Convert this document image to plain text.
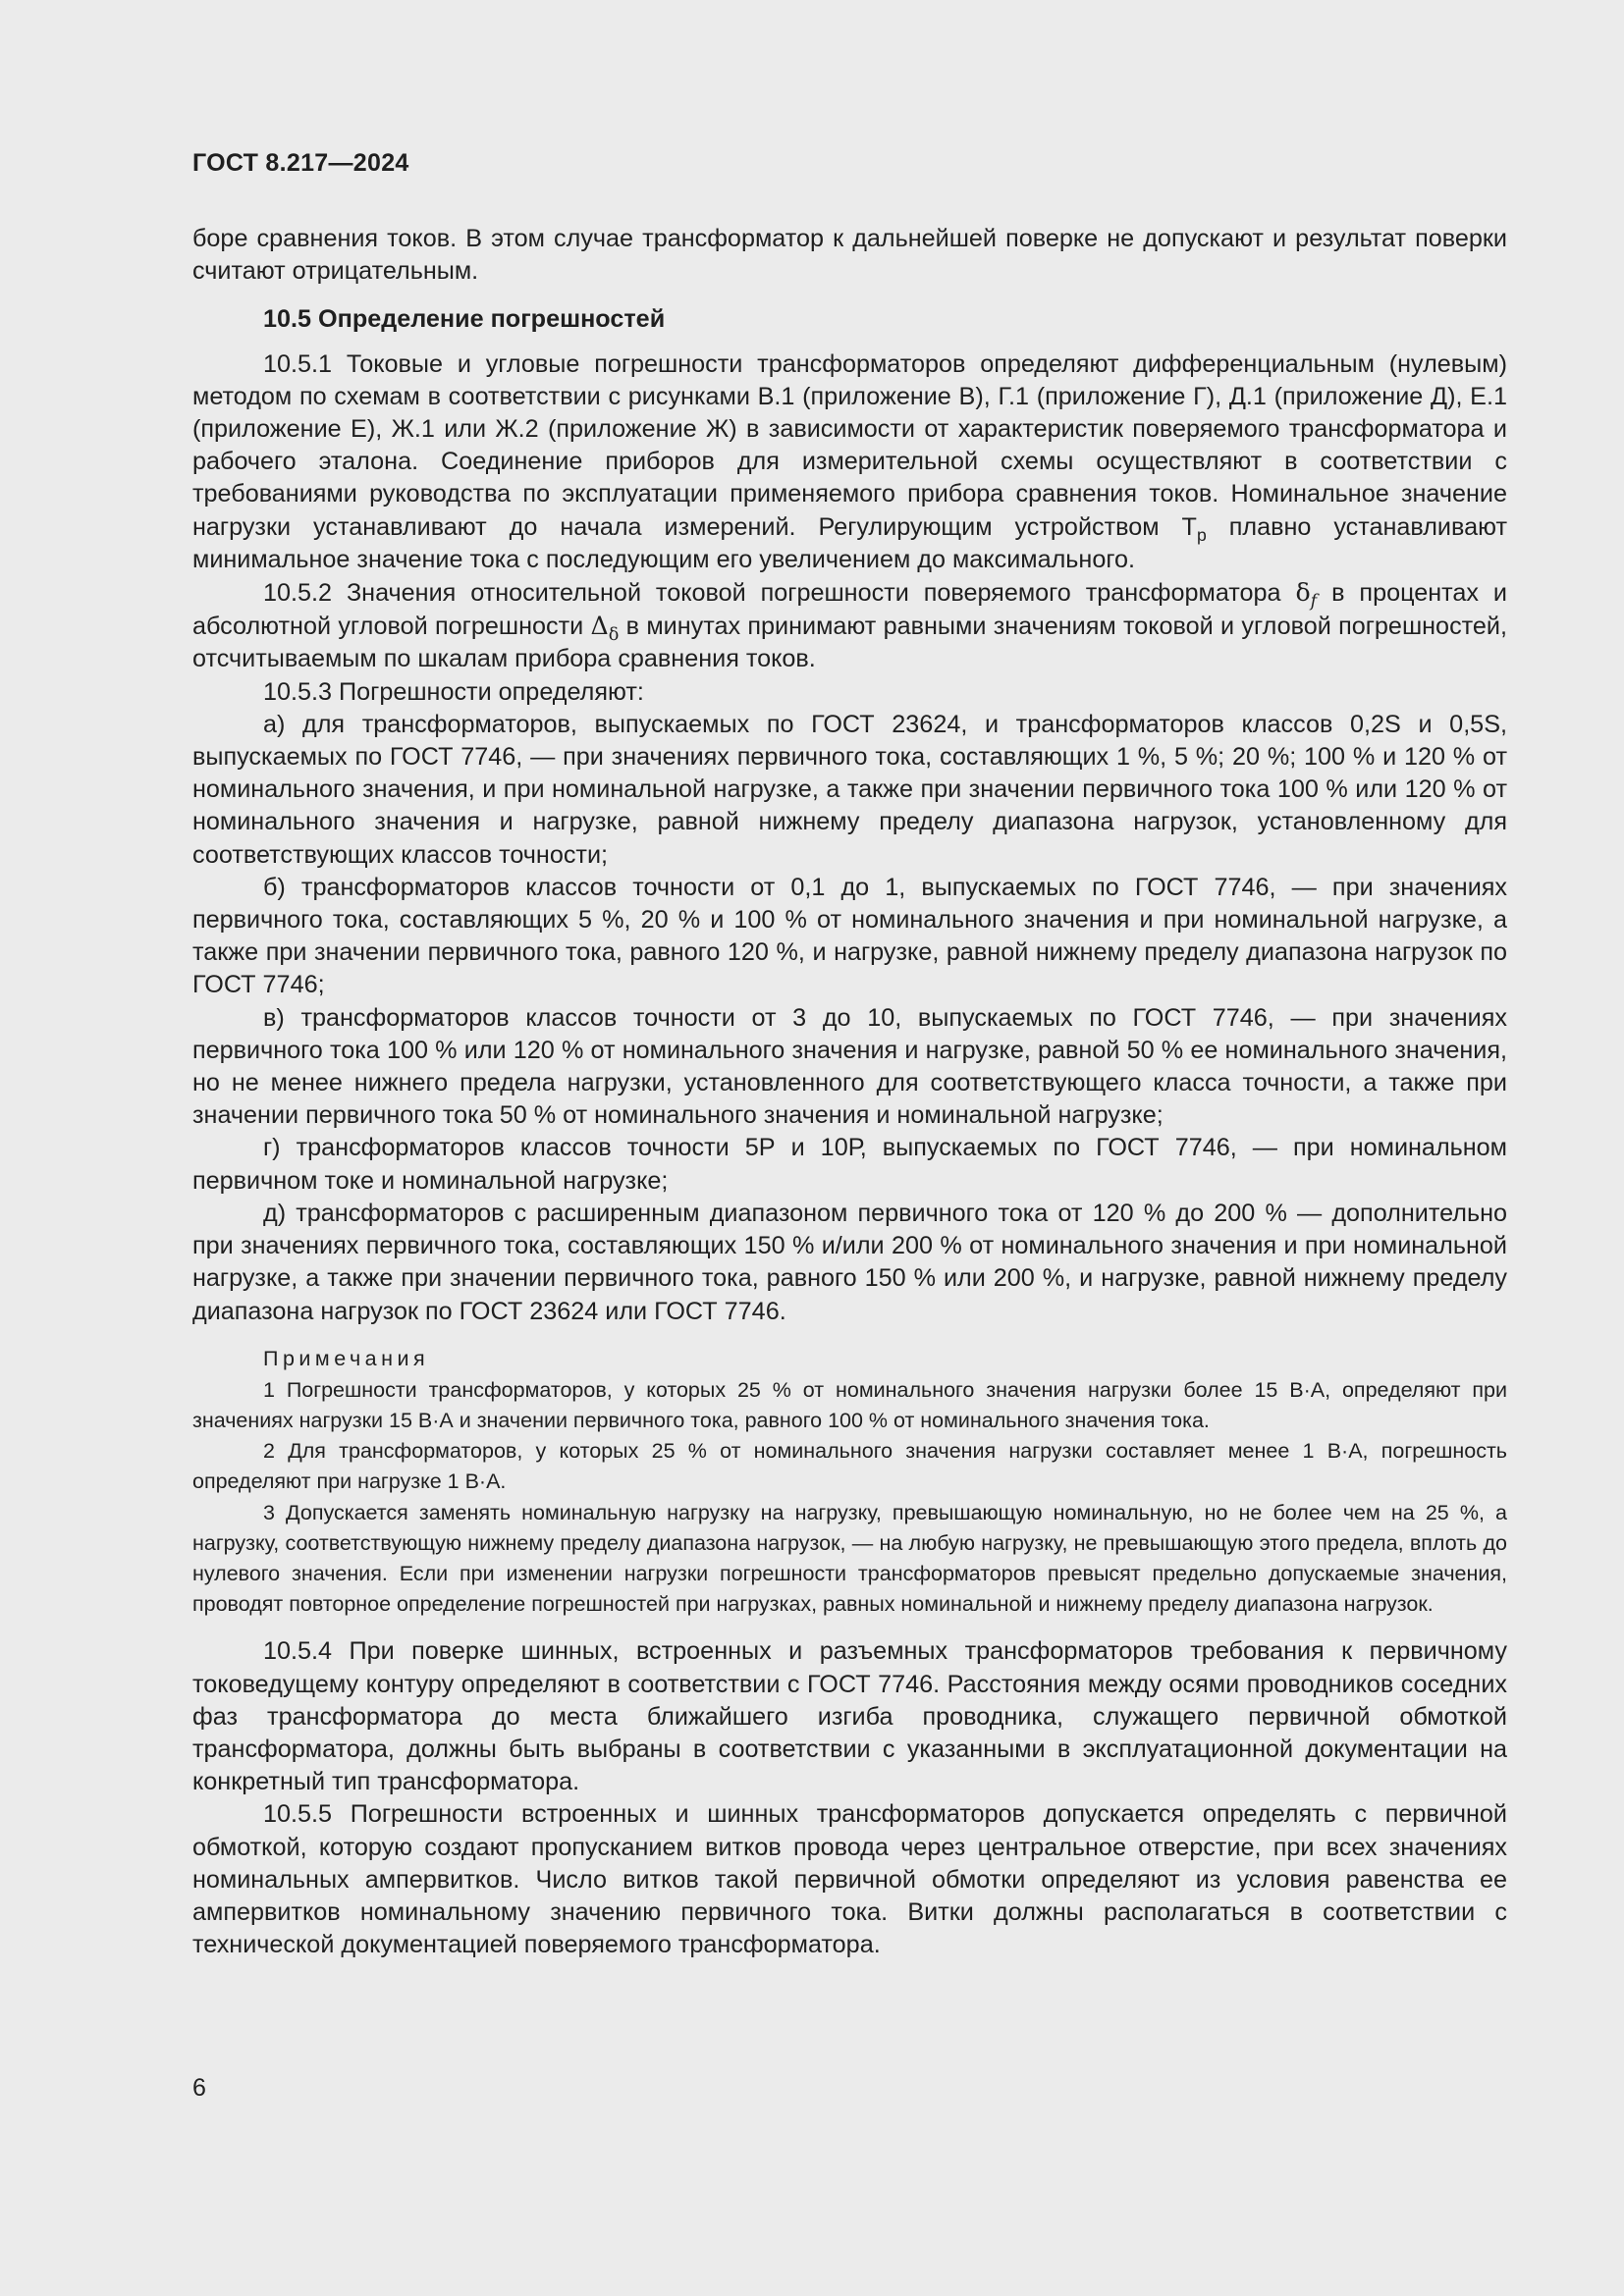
ГОСТ 8.217—2024

боре сравнения токов. В этом случае трансформатор к дальнейшей поверке не допускают и результат поверки считают отрицательным.

10.5 Определение погрешностей

10.5.1 Токовые и угловые погрешности трансформаторов определяют дифференциальным (нулевым) методом по схемам в соответствии с рисунками В.1 (приложение В), Г.1 (приложение Г), Д.1 (приложение Д), Е.1 (приложение Е), Ж.1 или Ж.2 (приложение Ж) в зависимости от характеристик поверяемого трансформатора и рабочего эталона. Соединение приборов для измерительной схемы осуществляют в соответствии с требованиями руководства по эксплуатации применяемого прибора сравнения токов. Номинальное значение нагрузки устанавливают до начала измерений. Регулирующим устройством $Т_р$ плавно устанавливают минимальное значение тока с последующим его увеличением до максимального.

10.5.2 Значения относительной токовой погрешности поверяемого трансформатора $\delta_f$ в процентах и абсолютной угловой погрешности $\Delta_\delta$ в минутах принимают равными значениям токовой и угловой погрешностей, отсчитываемым по шкалам прибора сравнения токов.

10.5.3 Погрешности определяют:

а) для трансформаторов, выпускаемых по ГОСТ 23624, и трансформаторов классов 0,2S и 0,5S, выпускаемых по ГОСТ 7746, — при значениях первичного тока, составляющих 1 %, 5 %; 20 %; 100 % и 120 % от номинального значения, и при номинальной нагрузке, а также при значении первичного тока 100 % или 120 % от номинального значения и нагрузке, равной нижнему пределу диапазона нагрузок, установленному для соответствующих классов точности;

б) трансформаторов классов точности от 0,1 до 1, выпускаемых по ГОСТ 7746, — при значениях первичного тока, составляющих 5 %, 20 % и 100 % от номинального значения и при номинальной нагрузке, а также при значении первичного тока, равного 120 %, и нагрузке, равной нижнему пределу диапазона нагрузок по ГОСТ 7746;

в) трансформаторов классов точности от 3 до 10, выпускаемых по ГОСТ 7746, — при значениях первичного тока 100 % или 120 % от номинального значения и нагрузке, равной 50 % ее номинального значения, но не менее нижнего предела нагрузки, установленного для соответствующего класса точности, а также при значении первичного тока 50 % от номинального значения и номинальной нагрузке;

г) трансформаторов классов точности 5Р и 10Р, выпускаемых по ГОСТ 7746, — при номинальном первичном токе и номинальной нагрузке;

д) трансформаторов с расширенным диапазоном первичного тока от 120 % до 200 % — дополнительно при значениях первичного тока, составляющих 150 % и/или 200 % от номинального значения и при номинальной нагрузке, а также при значении первичного тока, равного 150 % или 200 %, и нагрузке, равной нижнему пределу диапазона нагрузок по ГОСТ 23624 или ГОСТ 7746.

Примечания

1 Погрешности трансформаторов, у которых 25 % от номинального значения нагрузки более 15 В·А, определяют при значениях нагрузки 15 В·А и значении первичного тока, равного 100 % от номинального значения тока.

2 Для трансформаторов, у которых 25 % от номинального значения нагрузки составляет менее 1 В·А, погрешность определяют при нагрузке 1 В·А.

3 Допускается заменять номинальную нагрузку на нагрузку, превышающую номинальную, но не более чем на 25 %, а нагрузку, соответствующую нижнему пределу диапазона нагрузок, — на любую нагрузку, не превышающую этого предела, вплоть до нулевого значения. Если при изменении нагрузки погрешности трансформаторов превысят предельно допускаемые значения, проводят повторное определение погрешностей при нагрузках, равных номинальной и нижнему пределу диапазона нагрузок.

10.5.4 При поверке шинных, встроенных и разъемных трансформаторов требования к первичному токоведущему контуру определяют в соответствии с ГОСТ 7746. Расстояния между осями проводников соседних фаз трансформатора до места ближайшего изгиба проводника, служащего первичной обмоткой трансформатора, должны быть выбраны в соответствии с указанными в эксплуатационной документации на конкретный тип трансформатора.

10.5.5 Погрешности встроенных и шинных трансформаторов допускается определять с первичной обмоткой, которую создают пропусканием витков провода через центральное отверстие, при всех значениях номинальных ампервитков. Число витков такой первичной обмотки определяют из условия равенства ее ампервитков номинальному значению первичного тока. Витки должны располагаться в соответствии с технической документацией поверяемого трансформатора.

6
